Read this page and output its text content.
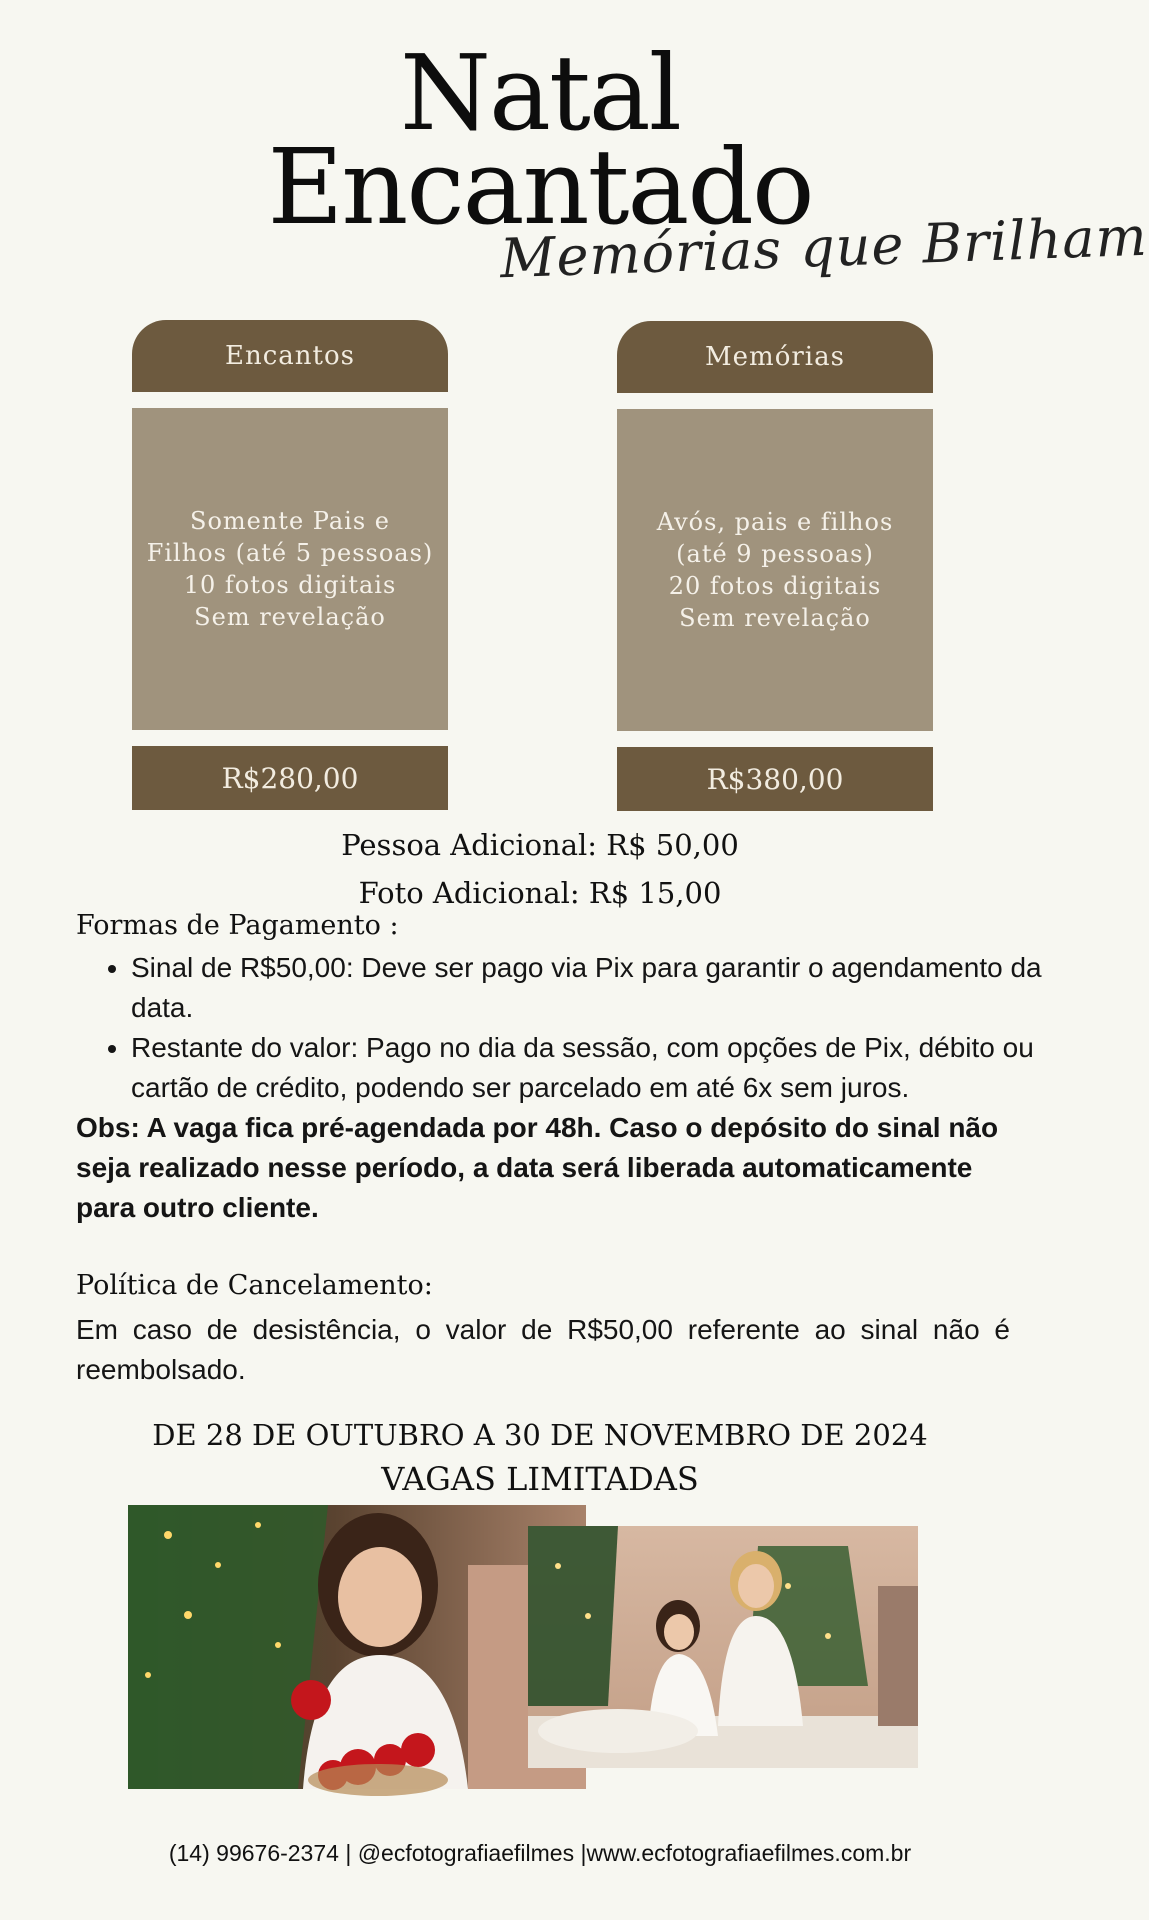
Natal
Encantado
Memórias que Brilham
Encantos
Somente Pais e
Filhos (até 5 pessoas)
10 fotos digitais
Sem revelação
R$280,00
Memórias
Avós, pais e filhos
(até 9 pessoas)
20 fotos digitais
Sem revelação
R$380,00
Pessoa Adicional: R$ 50,00
Foto Adicional: R$ 15,00
Formas de Pagamento :
• Sinal de R$50,00: Deve ser pago via Pix para garantir o agendamento da data.
• Restante do valor: Pago no dia da sessão, com opções de Pix, débito ou cartão de crédito, podendo ser parcelado em até 6x sem juros.
Obs: A vaga fica pré-agendada por 48h. Caso o depósito do sinal não seja realizado nesse período, a data será liberada automaticamente para outro cliente.
Política de Cancelamento:
Em caso de desistência, o valor de R$50,00 referente ao sinal não é reembolsado.
DE 28 DE OUTUBRO A 30 DE NOVEMBRO DE 2024
VAGAS LIMITADAS
(14) 99676-2374 | @ecfotografiaefilmes |www.ecfotografiaefilmes.com.br
